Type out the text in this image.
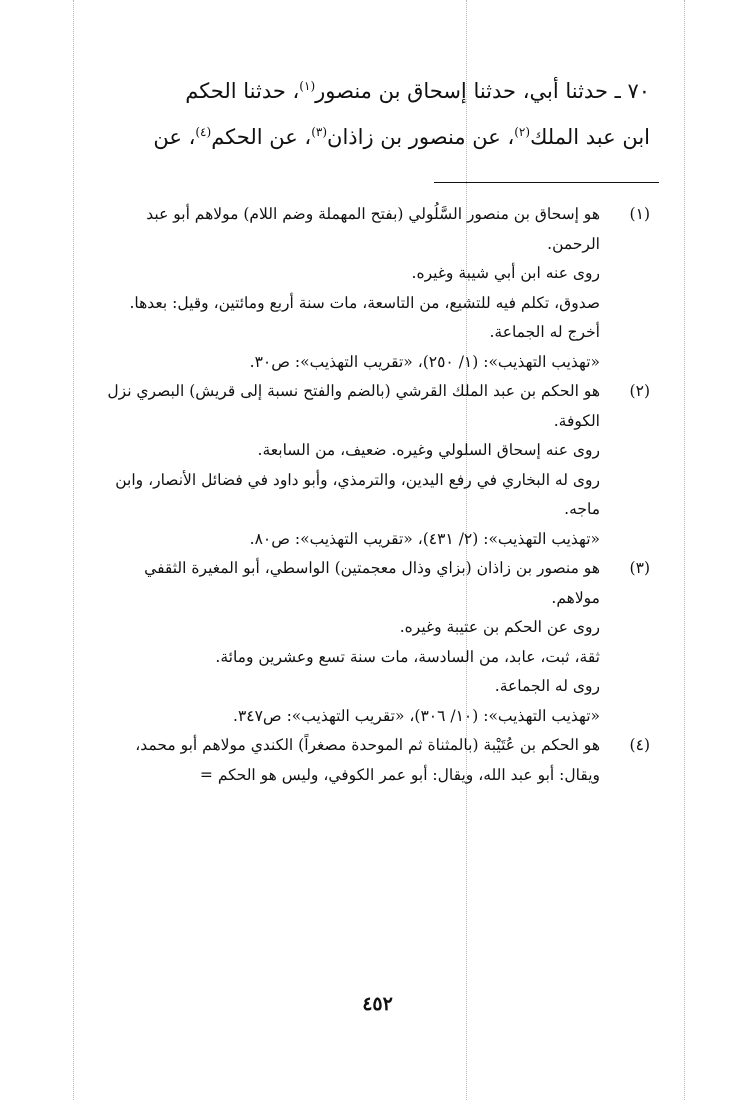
٧٠ ـ حدثنا أبي، حدثنا إسحاق بن منصور$^{(١)}$، حدثنا الحكم

ابن عبد الملك$^{(٢)}$، عن منصور بن زاذان$^{(٣)}$، عن الحكم$^{(٤)}$، عن

(١)

هو إسحاق بن منصور السَّلُولي (بفتح المهملة وضم اللام) مولاهم أبو عبد الرحمن.

روى عنه ابن أبي شيبة وغيره.

صدوق، تكلم فيه للتشيع، من التاسعة، مات سنة أربع ومائتين، وقيل: بعدها.

أخرج له الجماعة.

«تهذيب التهذيب»: (١/ ٢٥٠)، «تقريب التهذيب»: ص٣٠.

(٢)

هو الحكم بن عبد الملك القرشي (بالضم والفتح نسبة إلى قريش) البصري نزل الكوفة.

روى عنه إسحاق السلولي وغيره. ضعيف، من السابعة.

روى له البخاري في رفع اليدين، والترمذي، وأبو داود في فضائل الأنصار، وابن ماجه.

«تهذيب التهذيب»: (٢/ ٤٣١)، «تقريب التهذيب»: ص٨٠.

(٣)

هو منصور بن زاذان (بزاي وذال معجمتين) الواسطي، أبو المغيرة الثقفي مولاهم.

روى عن الحكم بن عتيبة وغيره.

ثقة، ثبت، عابد، من السادسة، مات سنة تسع وعشرين ومائة.

روى له الجماعة.

«تهذيب التهذيب»: (١٠/ ٣٠٦)، «تقريب التهذيب»: ص٣٤٧.

(٤)

هو الحكم بن عُتَيْبة (بالمثناة ثم الموحدة مصغراً) الكندي مولاهم أبو محمد، ويقال: أبو عبد الله، ويقال: أبو عمر الكوفي، وليس هو الحكم =

٤٥٢
